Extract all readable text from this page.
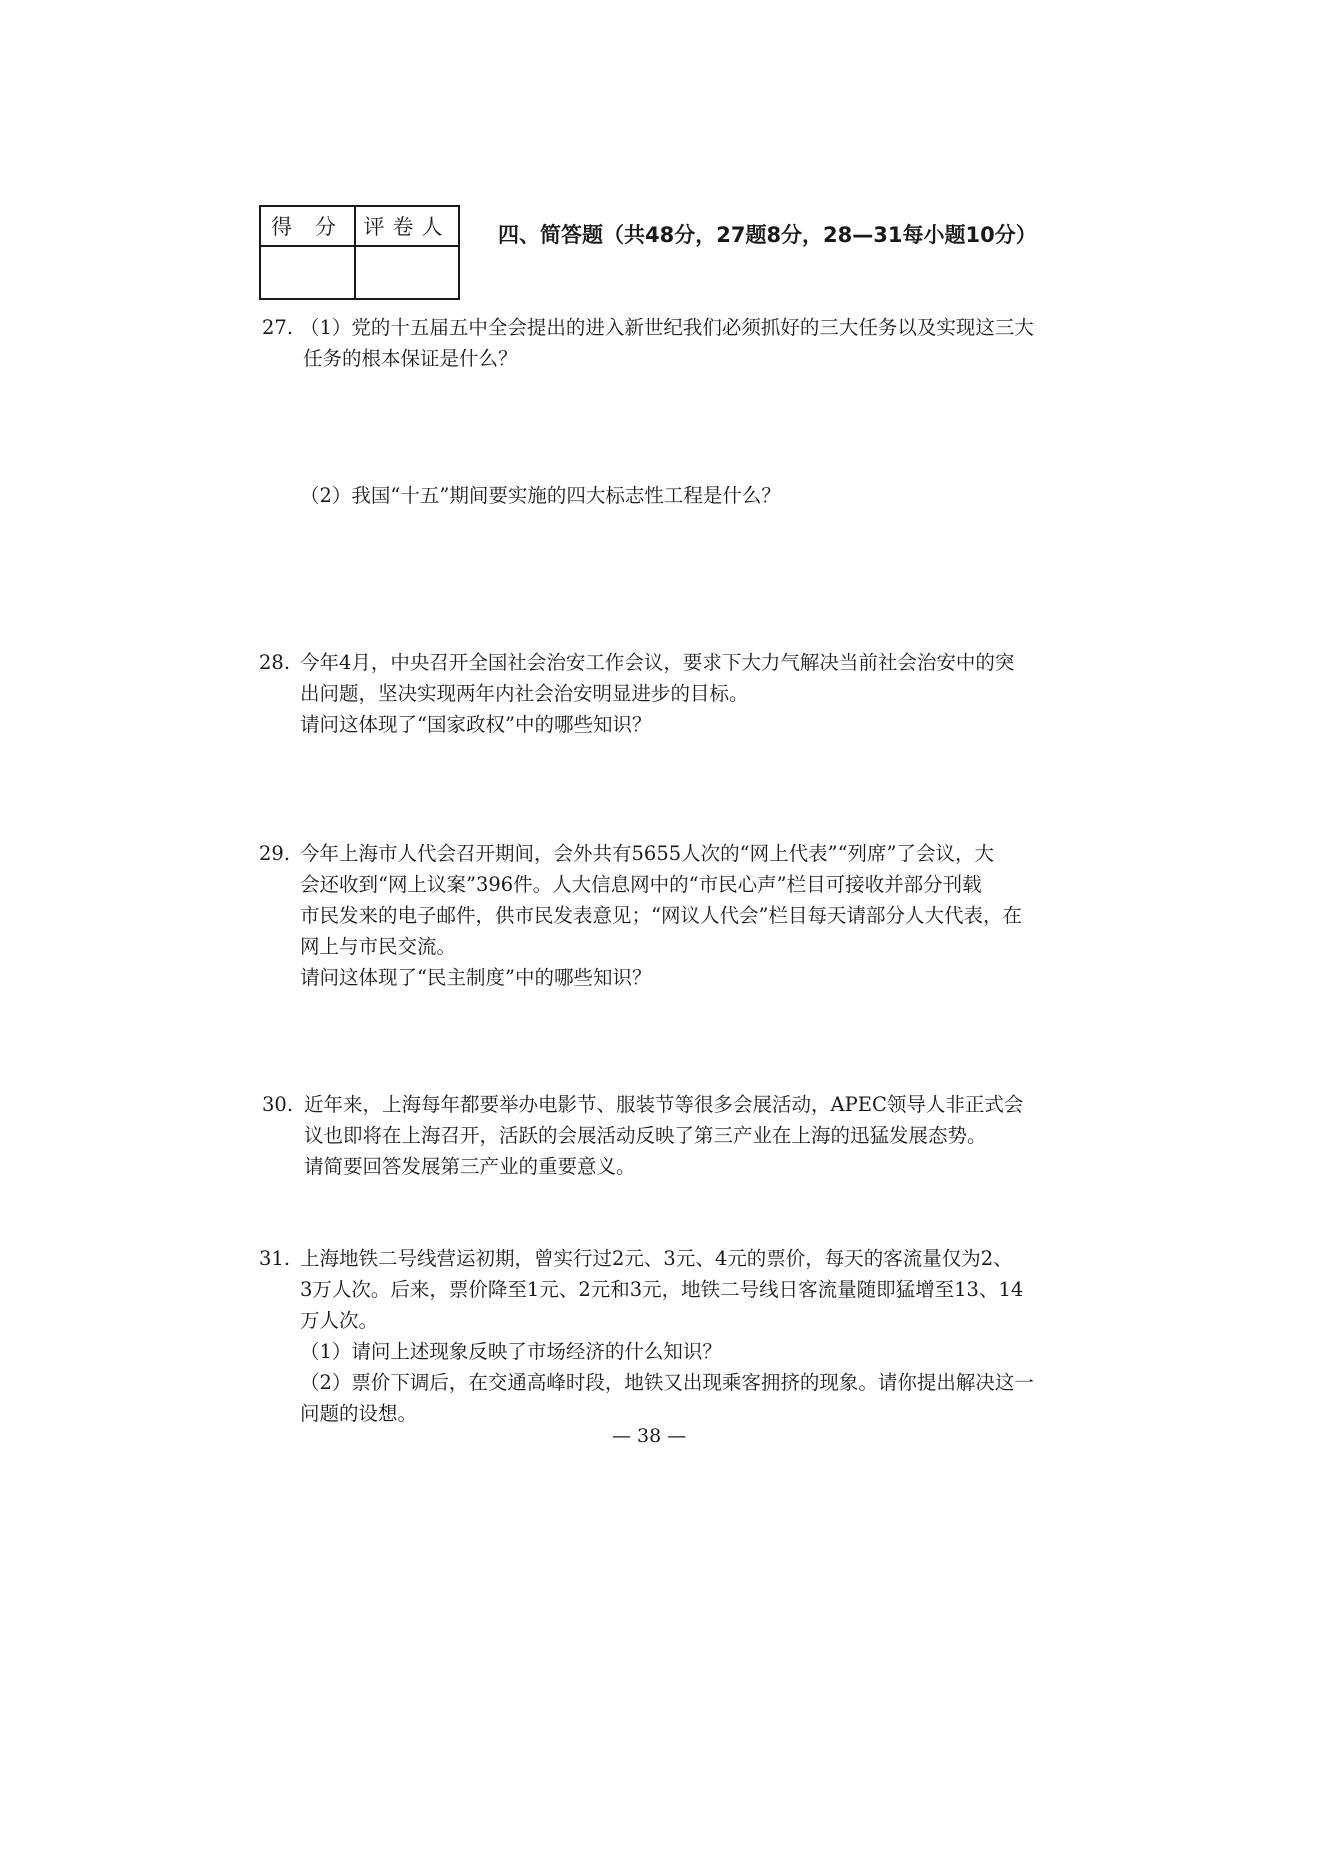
得 分	评卷人
	四、简答题（共48分，27题8分，28—31每小题10分）
27. （1）党的十五届五中全会提出的进入新世纪我们必须抓好的三大任务以及实现这三大

任务的根本保证是什么？

（2）我国“十五”期间要实施的四大标志性工程是什么？

28. 今年4月，中央召开全国社会治安工作会议，要求下大力气解决当前社会治安中的突

出问题，坚决实现两年内社会治安明显进步的目标。

请问这体现了“国家政权”中的哪些知识？

29. 今年上海市人代会召开期间，会外共有5655人次的“网上代表”“列席”了会议，大

会还收到“网上议案”396件。人大信息网中的“市民心声”栏目可接收并部分刊载

市民发来的电子邮件，供市民发表意见；“网议人代会”栏目每天请部分人大代表，在

网上与市民交流。

请问这体现了“民主制度”中的哪些知识？

30. 近年来，上海每年都要举办电影节、服装节等很多会展活动，APEC领导人非正式会

议也即将在上海召开，活跃的会展活动反映了第三产业在上海的迅猛发展态势。

请简要回答发展第三产业的重要意义。

31. 上海地铁二号线营运初期，曾实行过2元、3元、4元的票价，每天的客流量仅为2、

3万人次。后来，票价降至1元、2元和3元，地铁二号线日客流量随即猛增至13、14

万人次。

（1）请问上述现象反映了市场经济的什么知识？

（2）票价下调后，在交通高峰时段，地铁又出现乘客拥挤的现象。请你提出解决这一

问题的设想。

— 38 —
